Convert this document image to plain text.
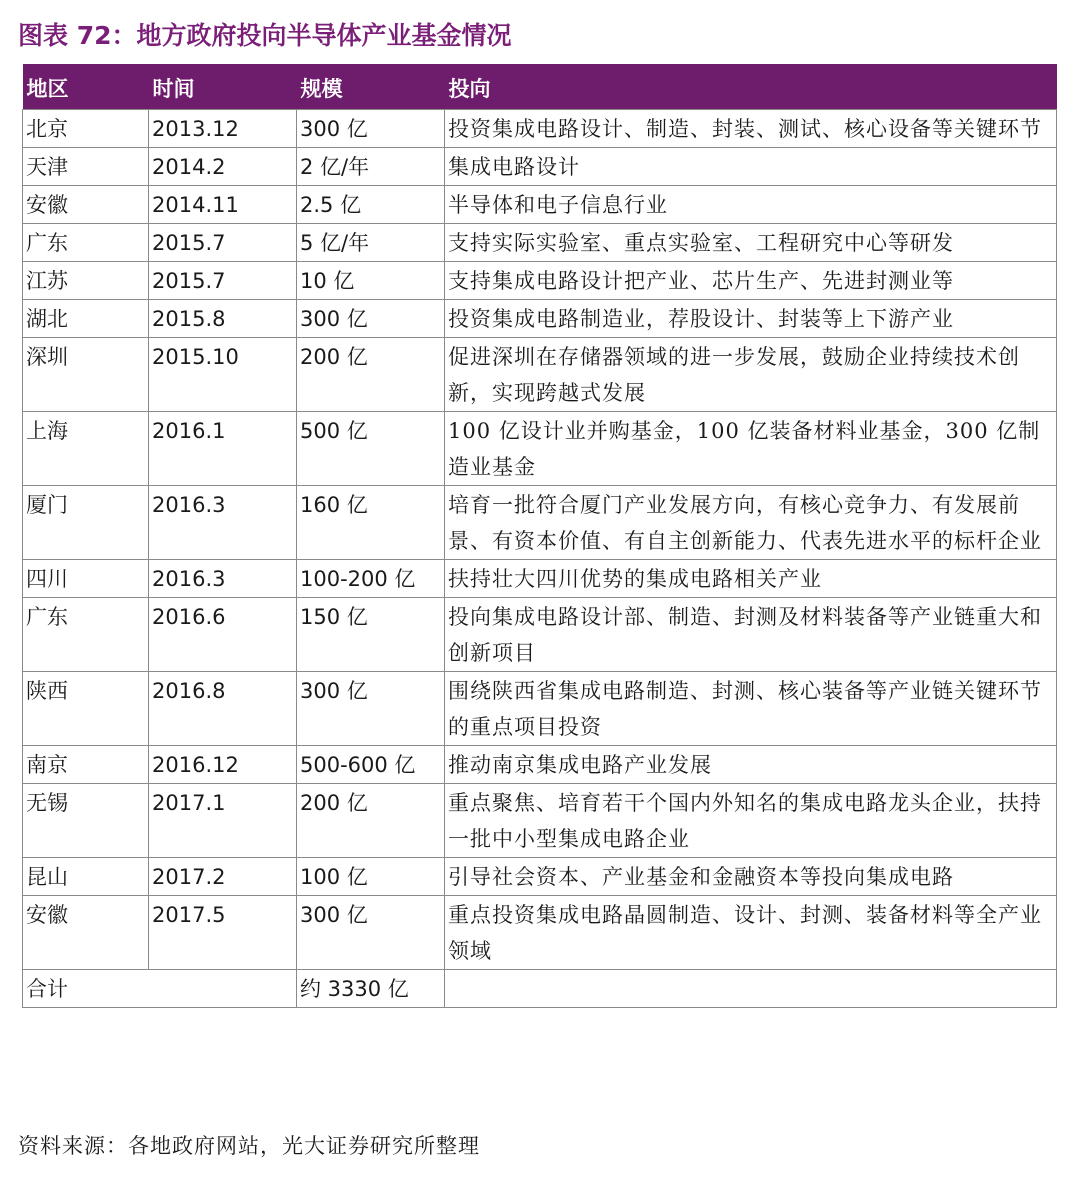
图表 72：地方政府投向半导体产业基金情况
地区	时间	规模	投向
北京	2013.12	300 亿	投资集成电路设计、制造、封装、测试、核心设备等关键环节
天津	2014.2	2 亿/年	集成电路设计
安徽	2014.11	2.5 亿	半导体和电子信息行业
广东	2015.7	5 亿/年	支持实际实验室、重点实验室、工程研究中心等研发
江苏	2015.7	10 亿	支持集成电路设计把产业、芯片生产、先进封测业等
湖北	2015.8	300 亿	投资集成电路制造业，荐股设计、封装等上下游产业
深圳	2015.10	200 亿	促进深圳在存储器领域的进一步发展，鼓励企业持续技术创新，实现跨越式发展
上海	2016.1	500 亿	100 亿设计业并购基金，100 亿装备材料业基金，300 亿制造业基金
厦门	2016.3	160 亿	培育一批符合厦门产业发展方向，有核心竞争力、有发展前景、有资本价值、有自主创新能力、代表先进水平的标杆企业
四川	2016.3	100-200 亿	扶持壮大四川优势的集成电路相关产业
广东	2016.6	150 亿	投向集成电路设计部、制造、封测及材料装备等产业链重大和创新项目
陕西	2016.8	300 亿	围绕陕西省集成电路制造、封测、核心装备等产业链关键环节的重点项目投资
南京	2016.12	500-600 亿	推动南京集成电路产业发展
无锡	2017.1	200 亿	重点聚焦、培育若干个国内外知名的集成电路龙头企业，扶持一批中小型集成电路企业
昆山	2017.2	100 亿	引导社会资本、产业基金和金融资本等投向集成电路
安徽	2017.5	300 亿	重点投资集成电路晶圆制造、设计、封测、装备材料等全产业领域
合计		约 3330 亿	
资料来源：各地政府网站，光大证券研究所整理
